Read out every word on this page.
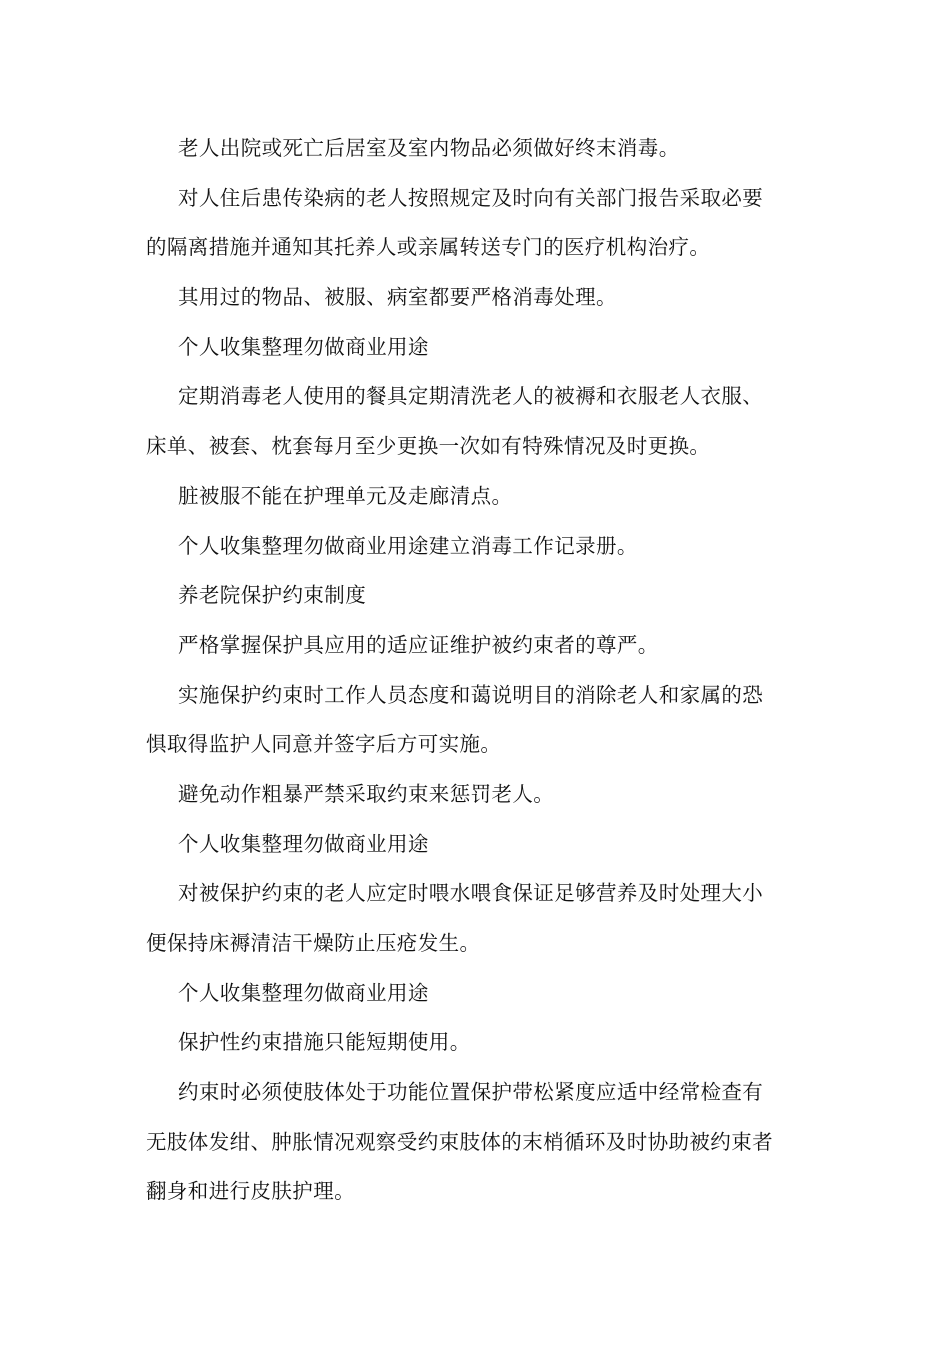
老人出院或死亡后居室及室内物品必须做好终末消毒。
对人住后患传染病的老人按照规定及时向有关部门报告采取必要
的隔离措施并通知其托养人或亲属转送专门的医疗机构治疗。
其用过的物品、被服、病室都要严格消毒处理。
个人收集整理勿做商业用途
定期消毒老人使用的餐具定期清洗老人的被褥和衣服老人衣服、
床单、被套、枕套每月至少更换一次如有特殊情况及时更换。
脏被服不能在护理单元及走廊清点。
个人收集整理勿做商业用途建立消毒工作记录册。
养老院保护约束制度
严格掌握保护具应用的适应证维护被约束者的尊严。
实施保护约束时工作人员态度和蔼说明目的消除老人和家属的恐
惧取得监护人同意并签字后方可实施。
避免动作粗暴严禁采取约束来惩罚老人。
个人收集整理勿做商业用途
对被保护约束的老人应定时喂水喂食保证足够营养及时处理大小
便保持床褥清洁干燥防止压疮发生。
个人收集整理勿做商业用途
保护性约束措施只能短期使用。
约束时必须使肢体处于功能位置保护带松紧度应适中经常检查有
无肢体发绀、肿胀情况观察受约束肢体的末梢循环及时协助被约束者
翻身和进行皮肤护理。
